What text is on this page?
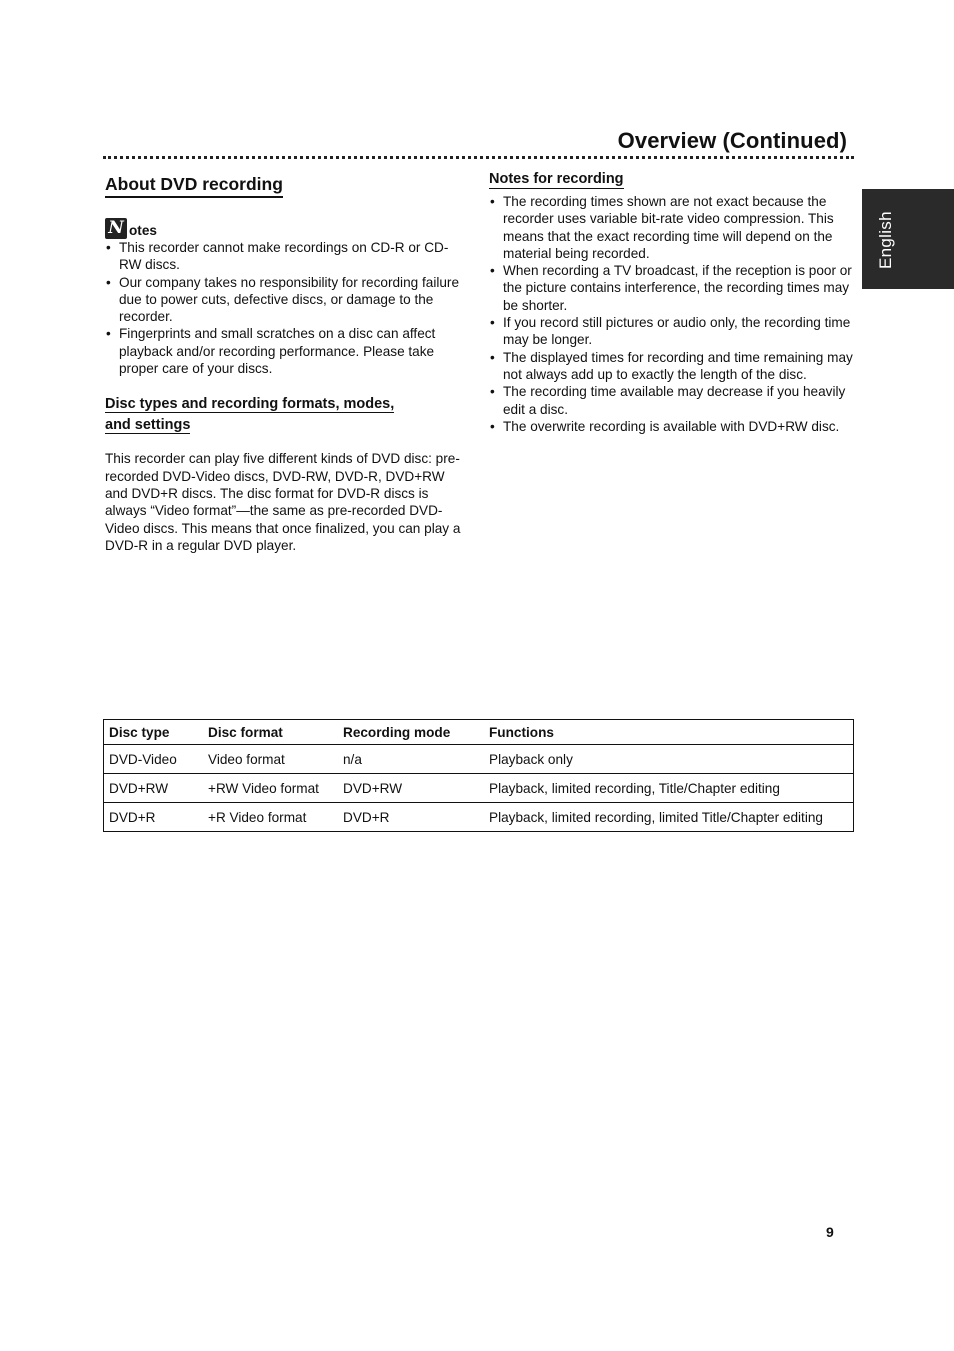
Overview (Continued)
English
About DVD recording
N otes
• This recorder cannot make recordings on CD-R or CD-RW discs.
• Our company takes no responsibility for recording failure due to power cuts, defective discs, or damage to the recorder.
• Fingerprints and small scratches on a disc can affect playback and/or recording performance. Please take proper care of your discs.
Disc types and recording formats, modes,
and settings

This recorder can play five different kinds of DVD disc: pre-recorded DVD-Video discs, DVD-RW, DVD-R, DVD+RW and DVD+R discs. The disc format for DVD-R discs is always “Video format”—the same as pre-recorded DVD-Video discs. This means that once finalized, you can play a DVD-R in a regular DVD player.

Notes for recording
• The recording times shown are not exact because the recorder uses variable bit-rate video compression. This means that the exact recording time will depend on the material being recorded.
• When recording a TV broadcast, if the reception is poor or the picture contains interference, the recording times may be shorter.
• If you record still pictures or audio only, the recording time may be longer.
• The displayed times for recording and time remaining may not always add up to exactly the length of the disc.
• The recording time available may decrease if you heavily edit a disc.
• The overwrite recording is available with DVD+RW disc.
Disc type	Disc format	Recording mode	Functions
DVD-Video	Video format	n/a	Playback only
DVD+RW	+RW Video format	DVD+RW	Playback, limited recording, Title/Chapter editing
DVD+R	+R Video format	DVD+R	Playback, limited recording, limited Title/Chapter editing
9
